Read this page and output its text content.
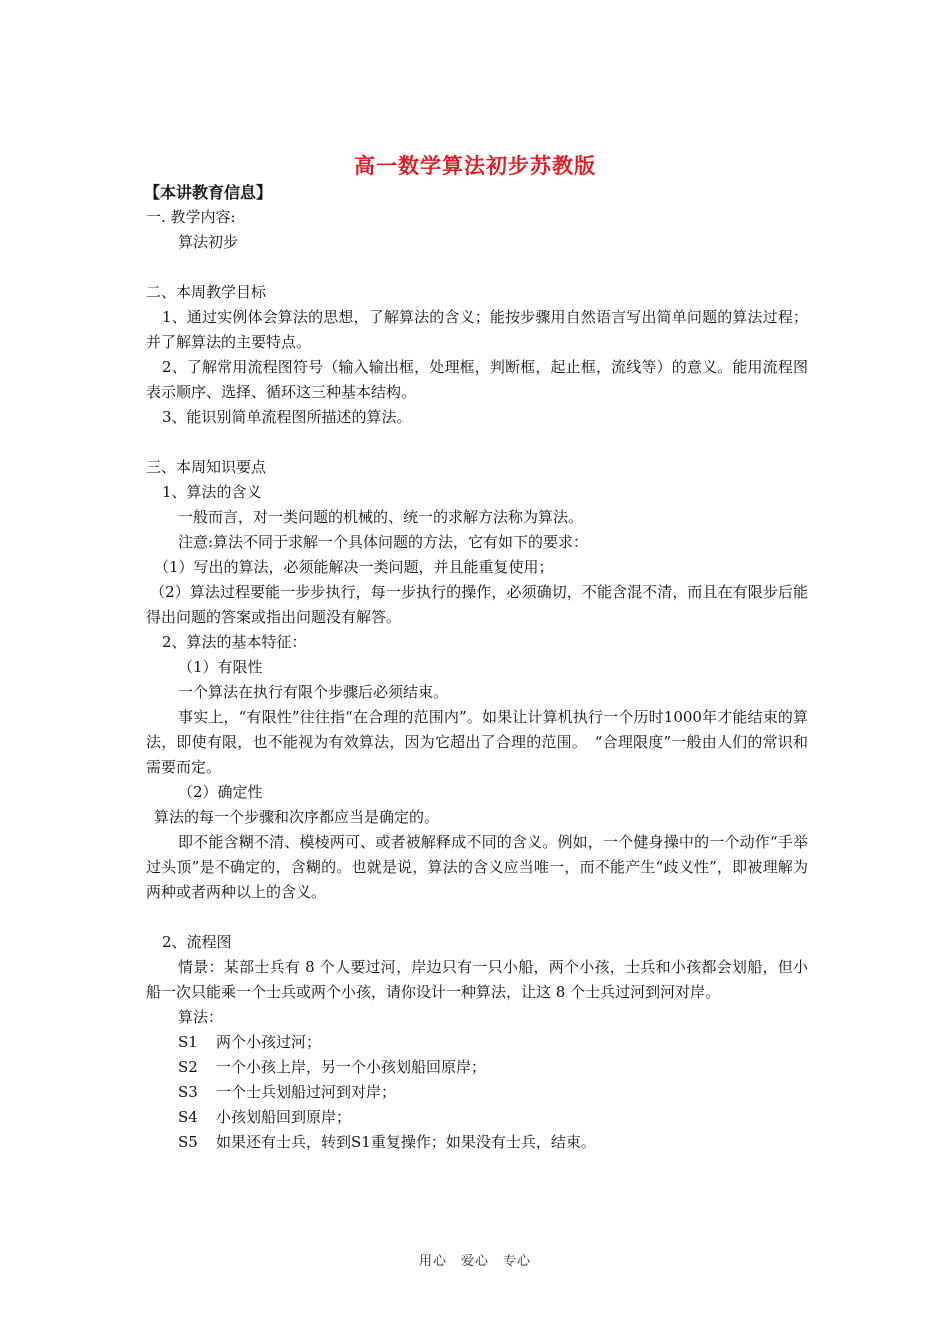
高一数学算法初步苏教版
【本讲教育信息】
一. 教学内容:
算法初步
二、本周教学目标
1、通过实例体会算法的思想，了解算法的含义；能按步骤用自然语言写出简单问题的算法过程；并了解算法的主要特点。
2、了解常用流程图符号（输入输出框，处理框，判断框，起止框，流线等）的意义。能用流程图表示顺序、选择、循环这三种基本结构。
3、能识别简单流程图所描述的算法。
三、本周知识要点
1、算法的含义
一般而言，对一类问题的机械的、统一的求解方法称为算法。
注意:算法不同于求解一个具体问题的方法，它有如下的要求：
（1）写出的算法，必须能解决一类问题，并且能重复使用；
（2）算法过程要能一步步执行，每一步执行的操作，必须确切，不能含混不清，而且在有限步后能得出问题的答案或指出问题没有解答。
2、算法的基本特征：
（1）有限性
一个算法在执行有限个步骤后必须结束。
事实上，“有限性”往往指“在合理的范围内”。如果让计算机执行一个历时1000年才能结束的算法，即使有限，也不能视为有效算法，因为它超出了合理的范围。　“合理限度”一般由人们的常识和需要而定。
（2）确定性
算法的每一个步骤和次序都应当是确定的。
即不能含糊不清、模棱两可、或者被解释成不同的含义。例如，一个健身操中的一个动作“手举过头顶”是不确定的，含糊的。也就是说，算法的含义应当唯一，而不能产生“歧义性”，即被理解为两种或者两种以上的含义。
2、流程图
情景：某部士兵有 8 个人要过河，岸边只有一只小船，两个小孩，士兵和小孩都会划船，但小船一次只能乘一个士兵或两个小孩，请你设计一种算法，让这 8 个士兵过河到河对岸。
算法：
S1 两个小孩过河；
S2 一个小孩上岸，另一个小孩划船回原岸；
S3 一个士兵划船过河到对岸；
S4 小孩划船回到原岸；
S5 如果还有士兵，转到S1重复操作；如果没有士兵，结束。
用心　爱心　专心
